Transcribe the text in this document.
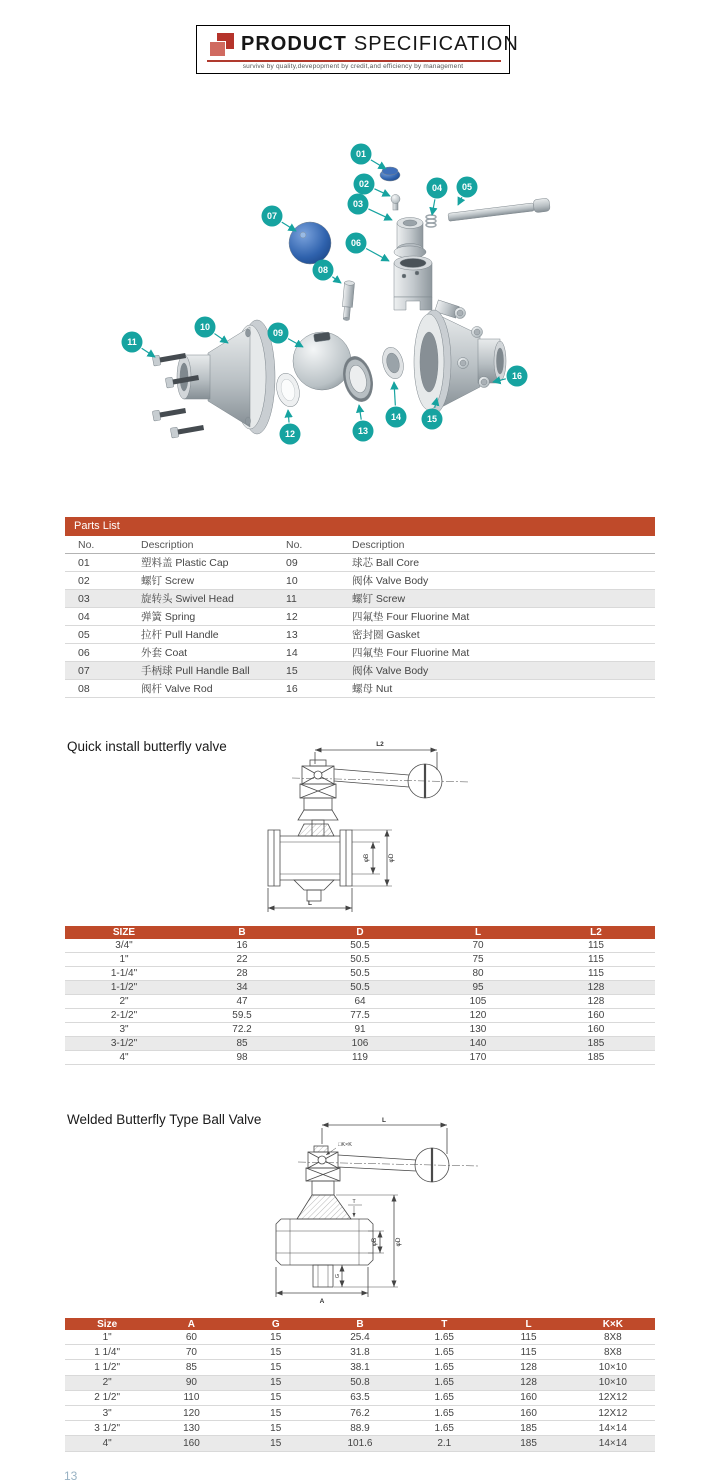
PRODUCT SPECIFICATION
survive by quality,devepopment by credit,and efficiency by management
01
02
03
04 05
06
07
08
09
10
11
12	13
14	15
16
Parts List
No.	Description	No.	Description
01	塑料盖 Plastic Cap	09	球芯 Ball Core
02	螺钉 Screw	10	阀体 Valve Body
03	旋转头 Swivel Head	11	螺钉 Screw
04	弹簧 Spring	12	四氟垫 Four Fluorine Mat
05	拉杆 Pull Handle	13	密封圈 Gasket
06	外套 Coat	14	四氟垫 Four Fluorine Mat
07	手柄球 Pull Handle Ball	15	阀体 Valve Body
08	阀杆 Valve Rod	16	螺母 Nut
Quick install butterfly valve	L2
φB	φD
L
SIZE	B	D	L	L2
3/4"	16	50.5	70	115
1"	22	50.5	75	115
1-1/4"	28	50.5	80	115
1-1/2"	34	50.5	95	128
2"	47	64	105	128
2-1/2"	59.5	77.5	120	160
3"	72.2	91	130	160
3-1/2"	85	106	140	185
4"	98	119	170	185
Welded Butterfly Type Ball Valve	L
□K×K
T
φB	φD
G
A
Size	A	G	B	T	L	K×K
1"	60	15	25.4	1.65	115	8X8
1 1/4"	70	15	31.8	1.65	115	8X8
1 1/2"	85	15	38.1	1.65	128	10×10
2"	90	15	50.8	1.65	128	10×10
2 1/2"	110	15	63.5	1.65	160	12X12
3"	120	15	76.2	1.65	160	12X12
3 1/2"	130	15	88.9	1.65	185	14×14
4"	160	15	101.6	2.1	185	14×14
13
